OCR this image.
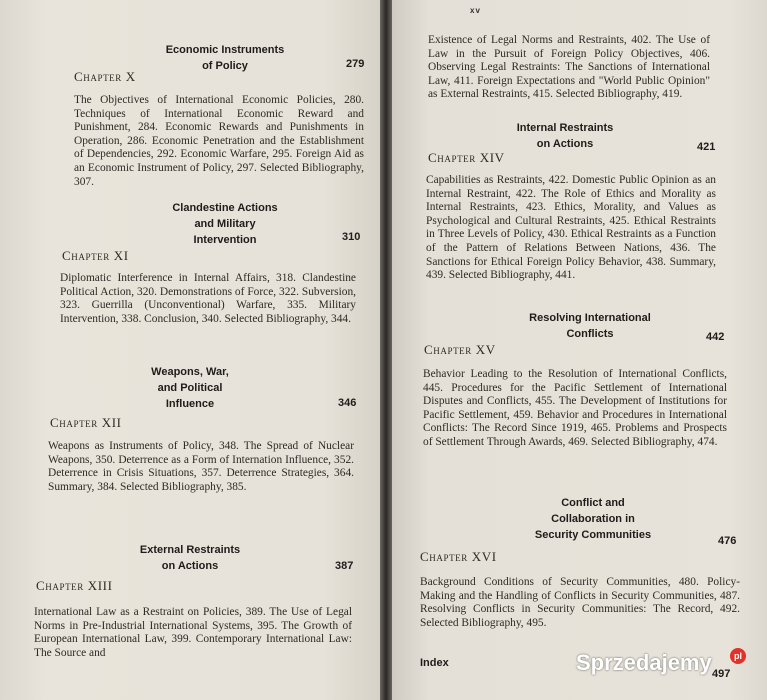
Economic Instruments
of Policy	279
Chapter X
The Objectives of International Economic Policies, 280. Techniques of International Economic Reward and Punishment, 284. Economic Rewards and Punishments in Operation, 286. Economic Penetration and the Establishment of Dependencies, 292. Economic Warfare, 295. Foreign Aid as an Economic Instrument of Policy, 297. Selected Bibliography, 307.
Clandestine Actions
and Military
Intervention	310
Chapter XI
Diplomatic Interference in Internal Affairs, 318. Clandestine Political Action, 320. Demonstrations of Force, 322. Subversion, 323. Guerrilla (Unconventional) Warfare, 335. Military Intervention, 338. Conclusion, 340. Selected Bibliography, 344.
Weapons, War,
and Political
Influence	346
Chapter XII
Weapons as Instruments of Policy, 348. The Spread of Nuclear Weapons, 350. Deterrence as a Form of Internation Influence, 352. Deterrence in Crisis Situations, 357. Deterrence Strategies, 364. Summary, 384. Selected Bibliography, 385.
External Restraints
on Actions	387
Chapter XIII
International Law as a Restraint on Policies, 389. The Use of Legal Norms in Pre-Industrial International Systems, 395. The Growth of European International Law, 399. Contemporary International Law: The Source and
xv
Existence of Legal Norms and Restraints, 402. The Use of Law in the Pursuit of Foreign Policy Objectives, 406. Observing Legal Restraints: The Sanctions of International Law, 411. Foreign Expectations and "World Public Opinion" as External Restraints, 415. Selected Bibliography, 419.
Internal Restraints
on Actions	421
Chapter XIV
Capabilities as Restraints, 422. Domestic Public Opinion as an Internal Restraint, 422. The Role of Ethics and Morality as Internal Restraints, 423. Ethics, Morality, and Values as Psychological and Cultural Restraints, 425. Ethical Restraints in Three Levels of Policy, 430. Ethical Restraints as a Function of the Pattern of Relations Between Nations, 436. The Sanctions for Ethical Foreign Policy Behavior, 438. Summary, 439. Selected Bibliography, 441.
Resolving International
Conflicts	442
Chapter XV
Behavior Leading to the Resolution of International Conflicts, 445. Procedures for the Pacific Settlement of International Disputes and Conflicts, 455. The Development of Institutions for Pacific Settlement, 459. Behavior and Procedures in International Conflicts: The Record Since 1919, 465. Problems and Prospects of Settlement Through Awards, 469. Selected Bibliography, 474.
Conflict and
Collaboration in
Security Communities	476
Chapter XVI
Background Conditions of Security Communities, 480. Policy-Making and the Handling of Conflicts in Security Communities, 487. Resolving Conflicts in Security Communities: The Record, 492. Selected Bibliography, 495.
Index
497
Sprzedajemy	pl
